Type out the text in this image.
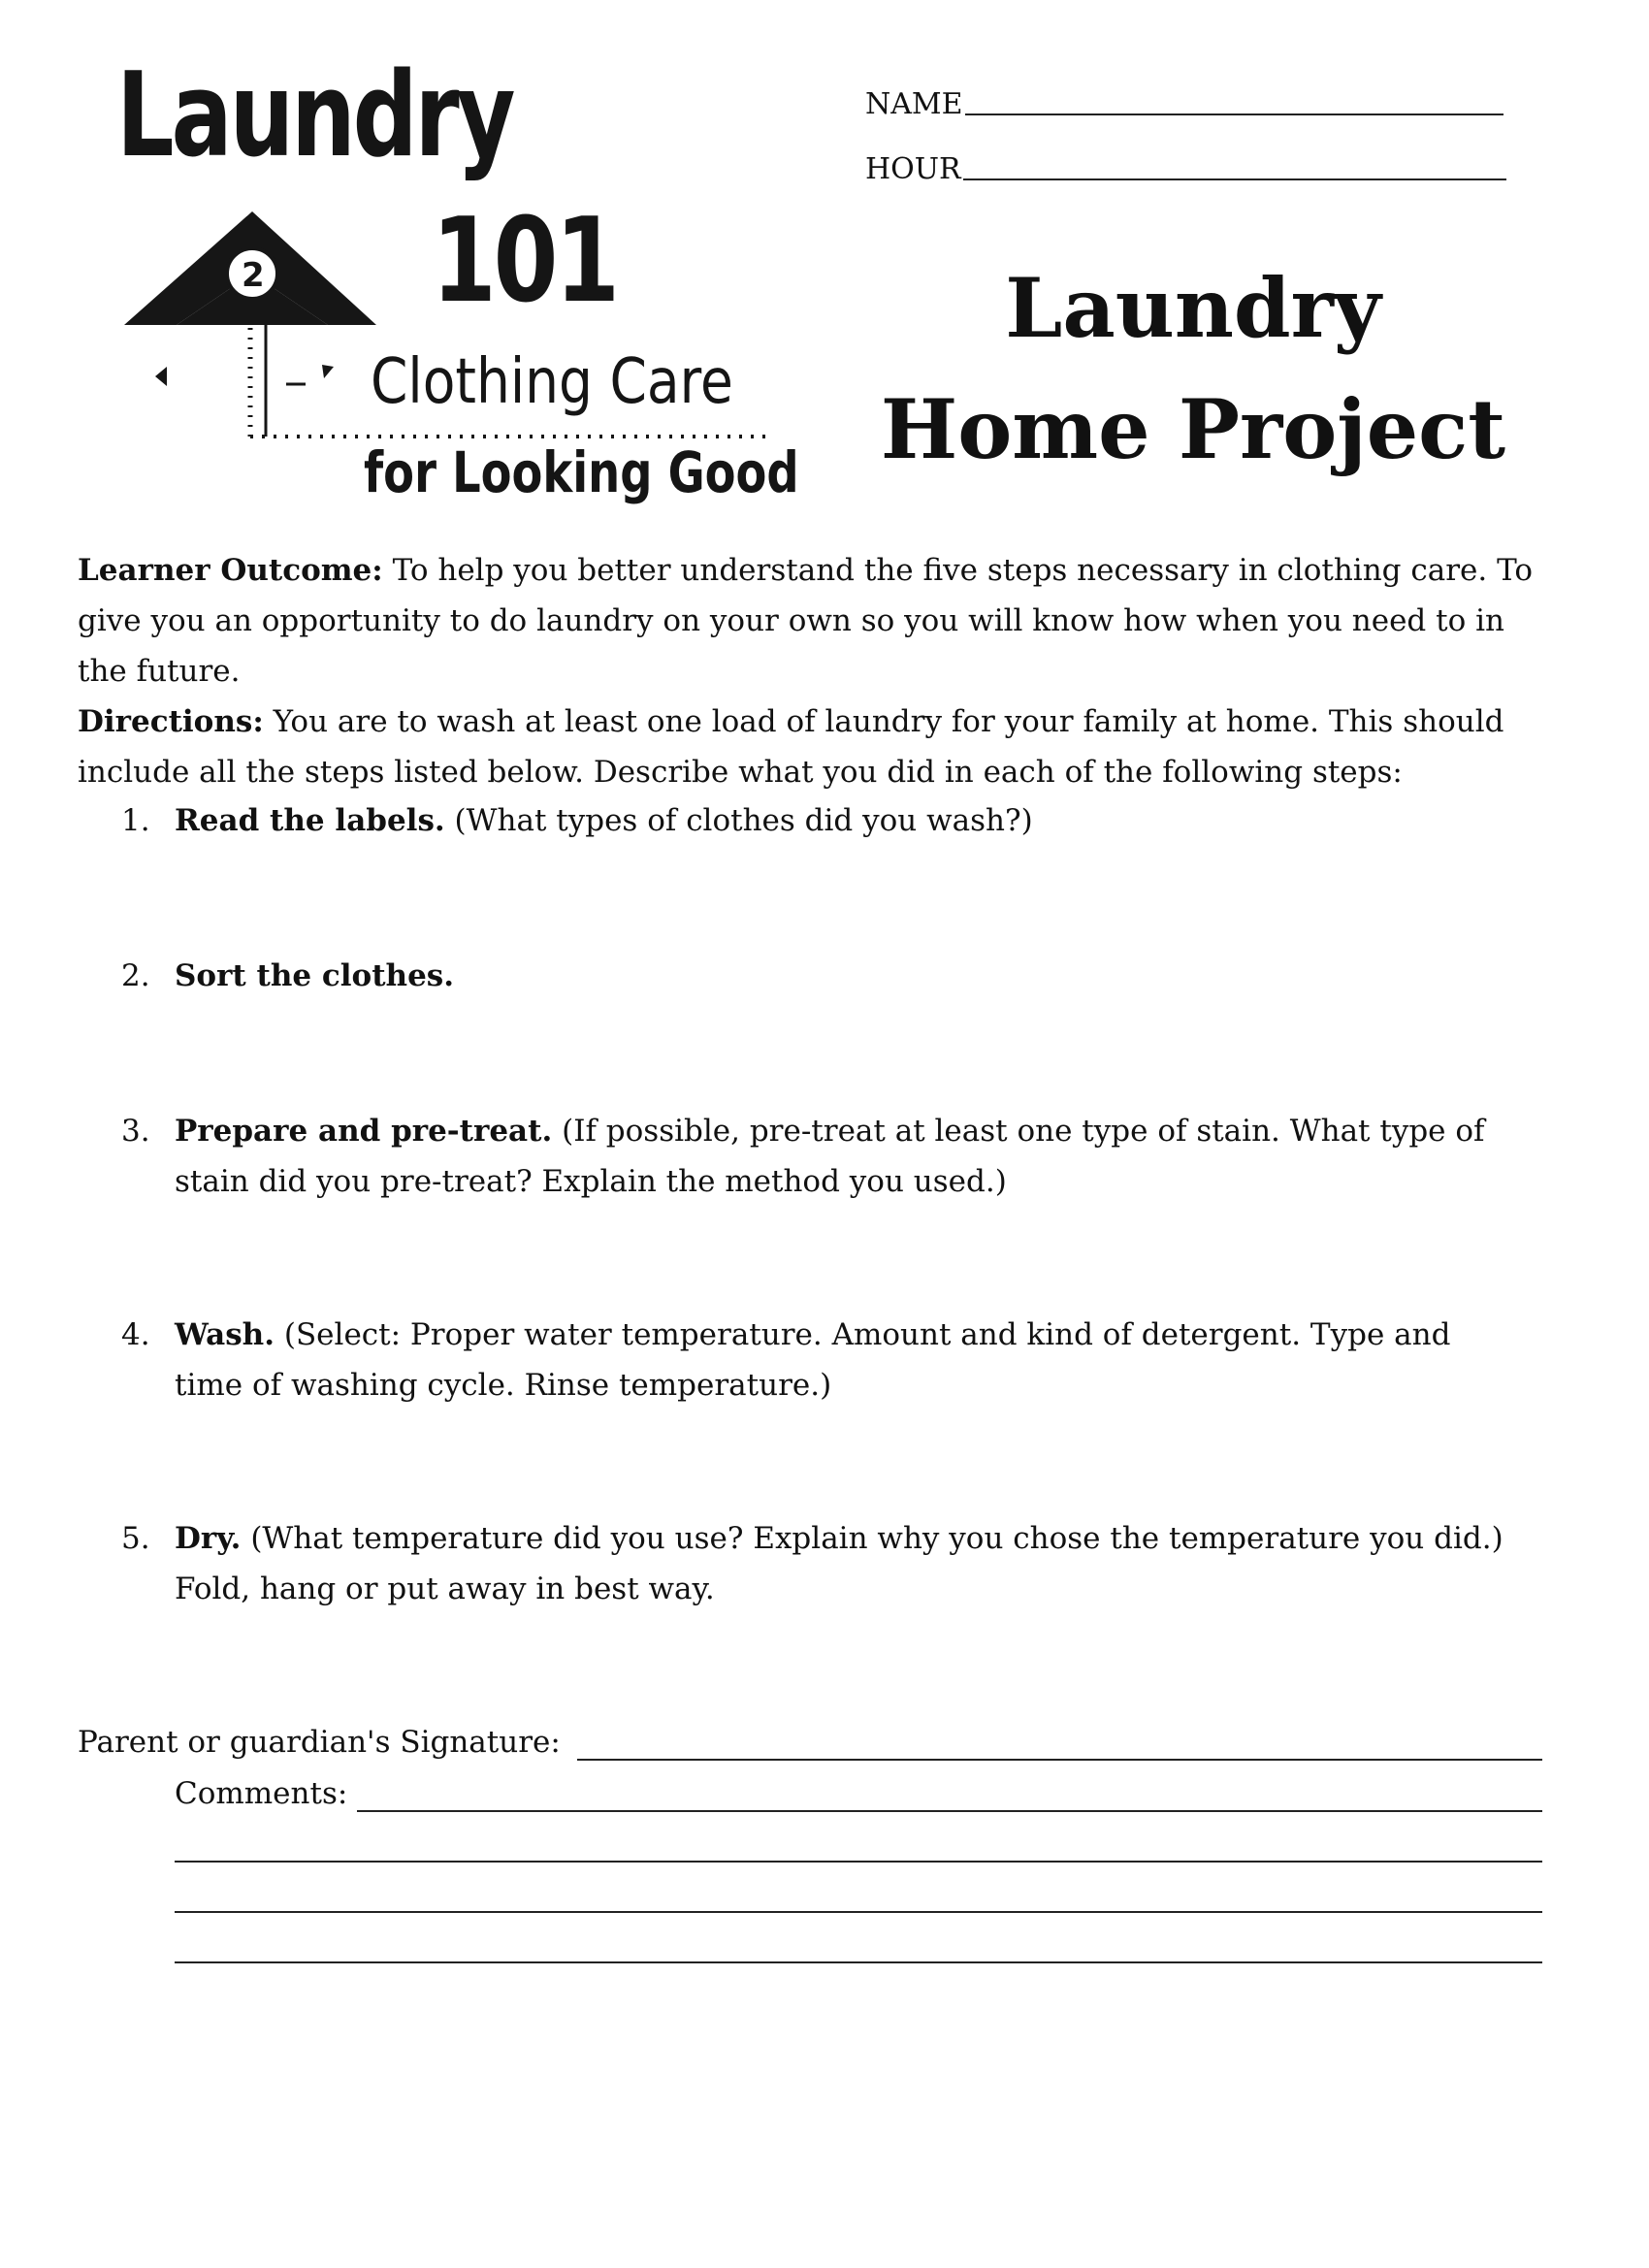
2
Laundry
101
Clothing Care
for Looking Good
NAME
HOUR
Laundry
Home Project

Learner Outcome: To help you better understand the five steps necessary in clothing care. To give you an opportunity to do laundry on your own so you will know how when you need to in the future.

Directions: You are to wash at least one load of laundry for your family at home. This should include all the steps listed below. Describe what you did in each of the following steps:

1. Read the labels. (What types of clothes did you wash?)
2. Sort the clothes.
3. Prepare and pre-treat. (If possible, pre-treat at least one type of stain. What type of stain did you pre-treat? Explain the method you used.)
4. Wash. (Select: Proper water temperature. Amount and kind of detergent. Type and time of washing cycle. Rinse temperature.)
5. Dry. (What temperature did you use? Explain why you chose the temperature you did.) Fold, hang or put away in best way.
Parent or guardian's Signature:
Comments:
